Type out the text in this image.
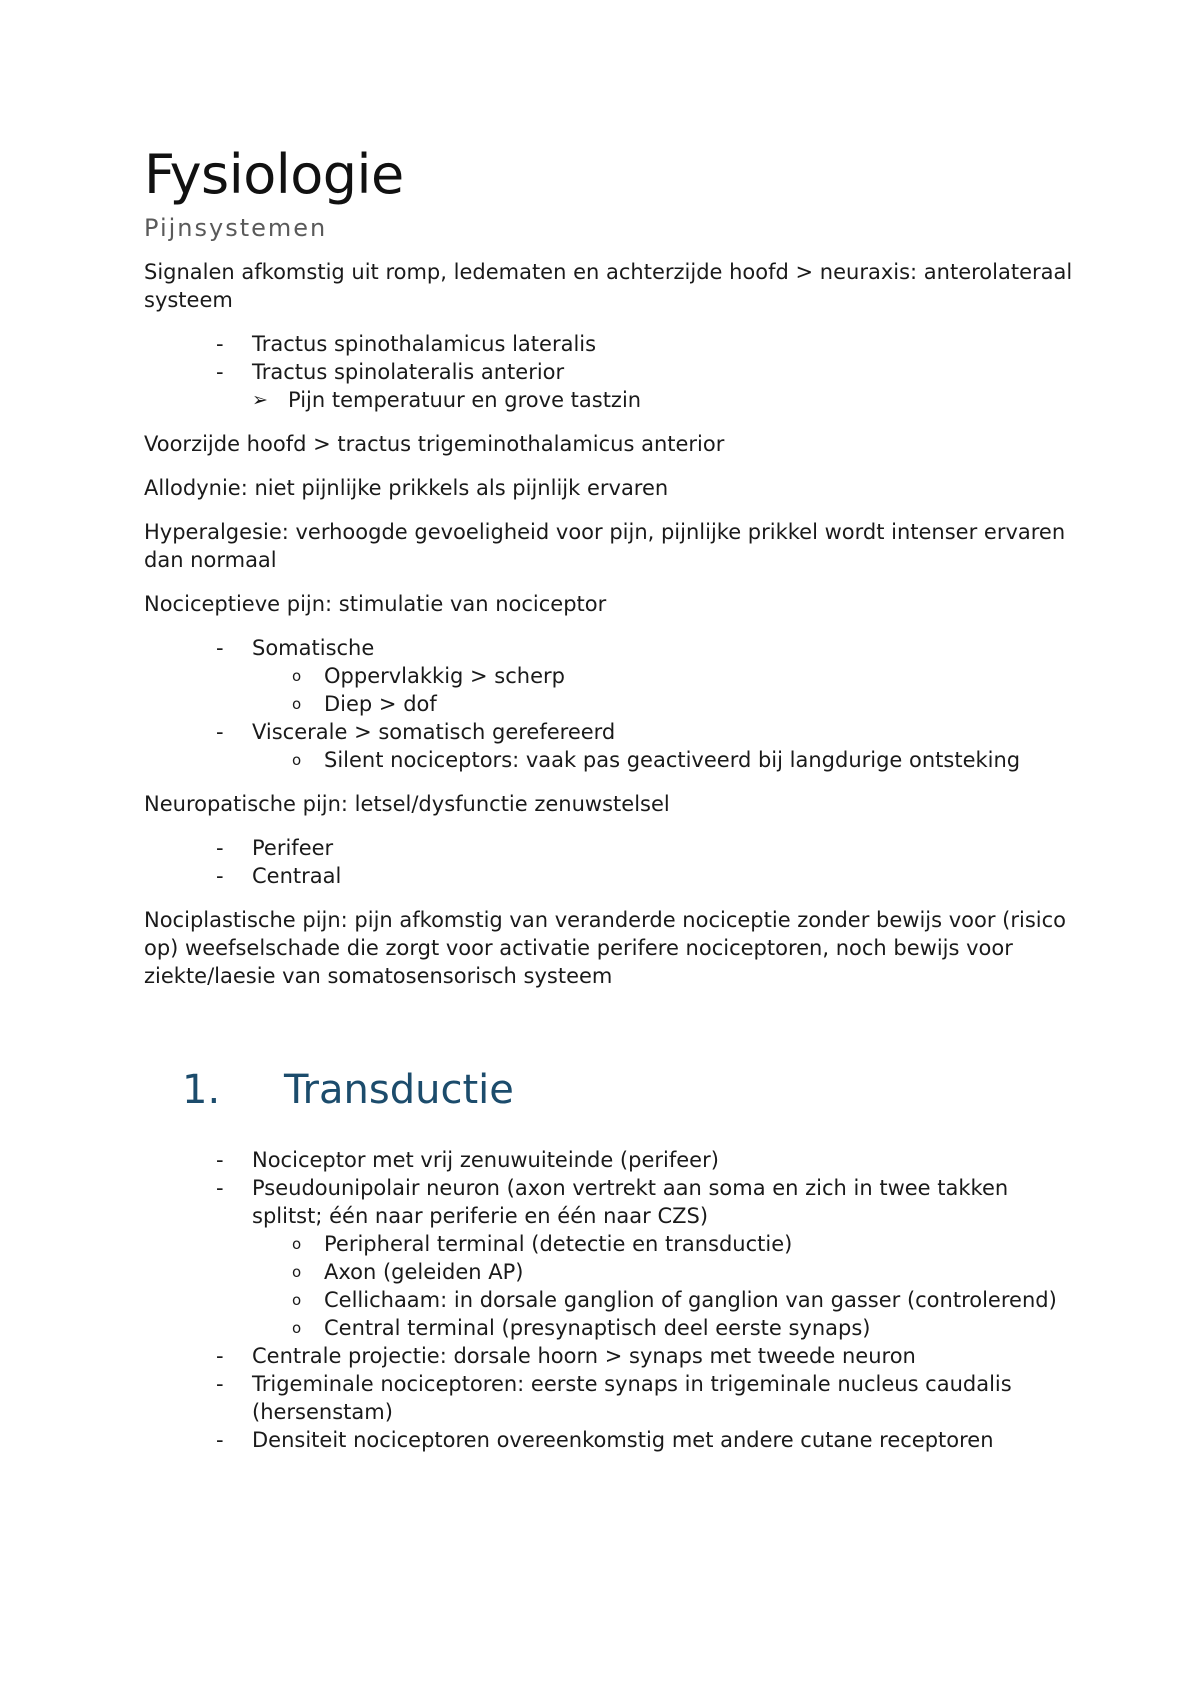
Fysiologie
Pijnsystemen

Signalen afkomstig uit romp, ledematen en achterzijde hoofd > neuraxis: anterolateraal systeem

- Tractus spinothalamicus lateralis
- Tractus spinolateralis anterior
➢ Pijn temperatuur en grove tastzin

Voorzijde hoofd > tractus trigeminothalamicus anterior

Allodynie: niet pijnlijke prikkels als pijnlijk ervaren

Hyperalgesie: verhoogde gevoeligheid voor pijn, pijnlijke prikkel wordt intenser ervaren dan normaal

Nociceptieve pijn: stimulatie van nociceptor

- Somatische
o Oppervlakkig > scherp
o Diep > dof
- Viscerale > somatisch gerefereerd
o Silent nociceptors: vaak pas geactiveerd bij langdurige ontsteking

Neuropatische pijn: letsel/dysfunctie zenuwstelsel

- Perifeer
- Centraal

Nociplastische pijn: pijn afkomstig van veranderde nociceptie zonder bewijs voor (risico op) weefselschade die zorgt voor activatie perifere nociceptoren, noch bewijs voor ziekte/laesie van somatosensorisch systeem

1. Transductie
- Nociceptor met vrij zenuwuiteinde (perifeer)
- Pseudounipolair neuron (axon vertrekt aan soma en zich in twee takken splitst; één naar periferie en één naar CZS)
o Peripheral terminal (detectie en transductie)
o Axon (geleiden AP)
o Cellichaam: in dorsale ganglion of ganglion van gasser (controlerend)
o Central terminal (presynaptisch deel eerste synaps)
- Centrale projectie: dorsale hoorn > synaps met tweede neuron
- Trigeminale nociceptoren: eerste synaps in trigeminale nucleus caudalis (hersenstam)
- Densiteit nociceptoren overeenkomstig met andere cutane receptoren
